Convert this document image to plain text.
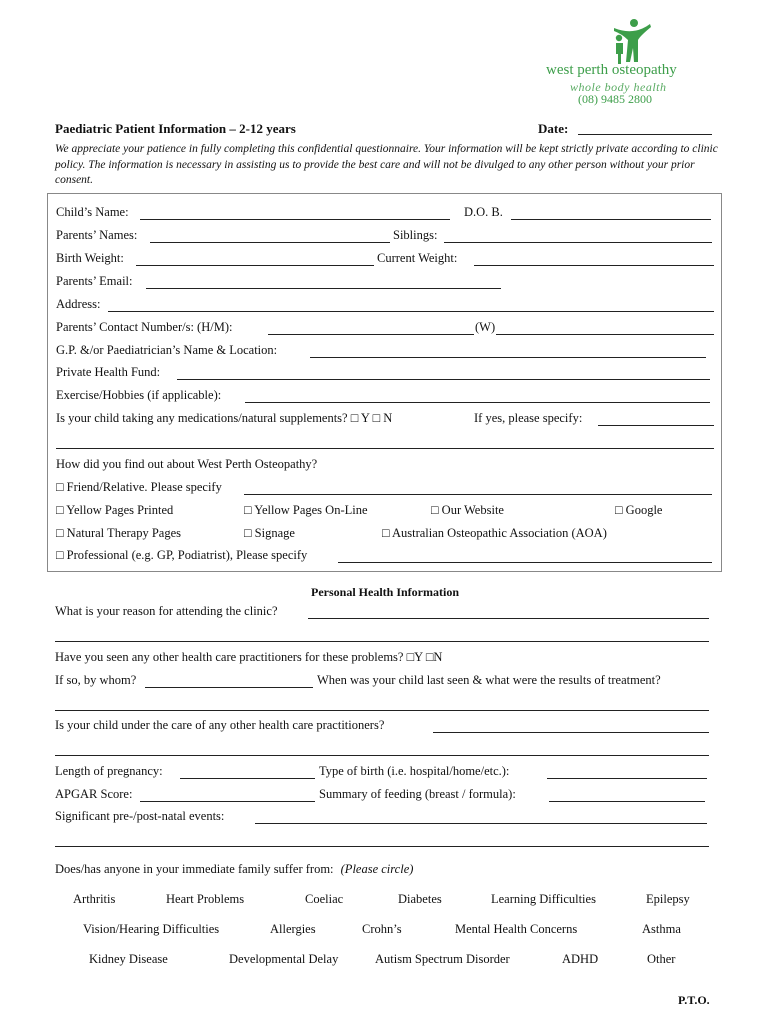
west perth osteopathy
whole body health
(08) 9485 2800
Paediatric Patient Information – 2-12 years	Date:
We appreciate your patience in fully completing this confidential questionnaire. Your information will be kept strictly private according to clinic policy. The information is necessary in assisting us to provide the best care and will not be divulged to any other person without your prior consent.
Child’s Name:	D.O. B.
Parents’ Names:	Siblings:
Birth Weight:	Current Weight:
Parents’ Email:
Address:
Parents’ Contact Number/s: (H/M):	(W)
G.P. &/or Paediatrician’s Name & Location:
Private Health Fund:
Exercise/Hobbies (if applicable):
Is your child taking any medications/natural supplements? □ Y □ N	If yes, please specify:
How did you find out about West Perth Osteopathy?
□ Friend/Relative. Please specify
□ Yellow Pages Printed	□ Yellow Pages On-Line	□ Our Website	□ Google
□ Natural Therapy Pages	□ Signage	□ Australian Osteopathic Association (AOA)
□ Professional (e.g. GP, Podiatrist), Please specify
Personal Health Information
What is your reason for attending the clinic?
Have you seen any other health care practitioners for these problems? □Y □N
If so, by whom?	When was your child last seen & what were the results of treatment?
Is your child under the care of any other health care practitioners?
Length of pregnancy:	Type of birth (i.e. hospital/home/etc.):
APGAR Score:	Summary of feeding (breast / formula):
Significant pre-/post-natal events:
Does/has anyone in your immediate family suffer from: (Please circle)
Arthritis	Heart Problems	Coeliac	Diabetes	Learning Difficulties	Epilepsy
Vision/Hearing Difficulties	Allergies	Crohn’s	Mental Health Concerns	Asthma
Kidney Disease	Developmental Delay	Autism Spectrum Disorder	ADHD	Other
P.T.O.
